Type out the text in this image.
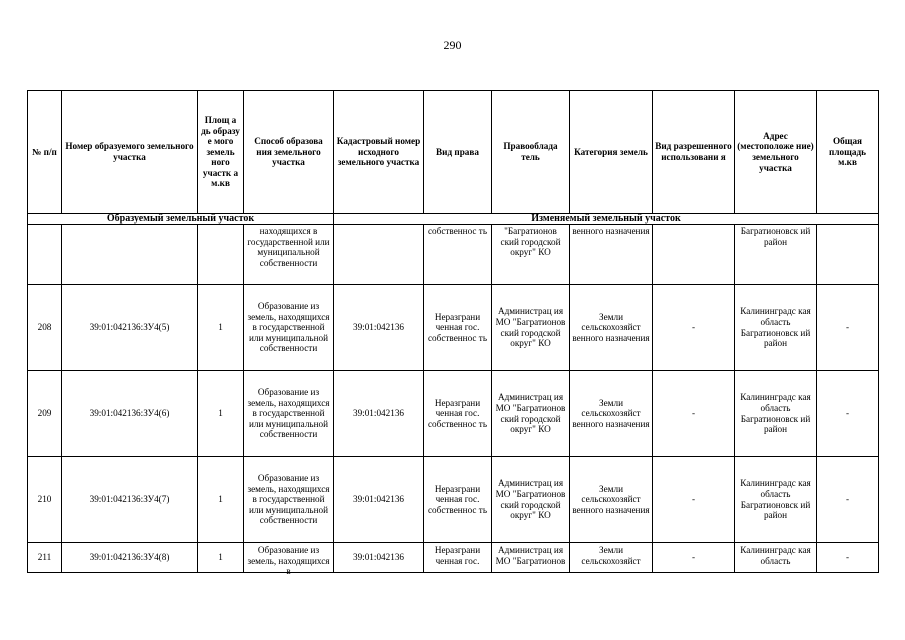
290
№ п/п	Номер образуемого земельного участка	Площ а дь образу е мого земель ного участк а м.кв	Способ образова ния земельного участка	Кадастровый номер исходного земельного участка	Вид права	Правооблада тель	Категория земель	Вид разрешенного использовани я	Адрес (местоположе ние) земельного участка	Общая площадь м.кв
Образуемый земельный участок				Изменяемый земельный участок						
			находящихся в государственной или муниципальной собственности		собственнос ть	"Багратионов ский городской округ" КО	венного назначения		Багратионовск ий район	
208	39:01:042136:ЗУ4(5)	1	Образование из земель, находящихся в государственной или муниципальной собственности	39:01:042136	Неразграни ченная гос. собственнос ть	Администрац ия МО "Багратионов ский городской округ" КО	Земли сельскохозяйст венного назначения	-	Калининградс кая область Багратионовск ий район	-
209	39:01:042136:ЗУ4(6)	1	Образование из земель, находящихся в государственной или муниципальной собственности	39:01:042136	Неразграни ченная гос. собственнос ть	Администрац ия МО "Багратионов ский городской округ" КО	Земли сельскохозяйст венного назначения	-	Калининградс кая область Багратионовск ий район	-
210	39:01:042136:ЗУ4(7)	1	Образование из земель, находящихся в государственной или муниципальной собственности	39:01:042136	Неразграни ченная гос. собственнос ть	Администрац ия МО "Багратионов ский городской округ" КО	Земли сельскохозяйст венного назначения	-	Калининградс кая область Багратионовск ий район	-
211	39:01:042136:ЗУ4(8)	1	Образование из земель, находящихся в	39:01:042136	Неразграни ченная гос.	Администрац ия МО "Багратионов	Земли сельскохозяйст	-	Калининградс кая область	-
